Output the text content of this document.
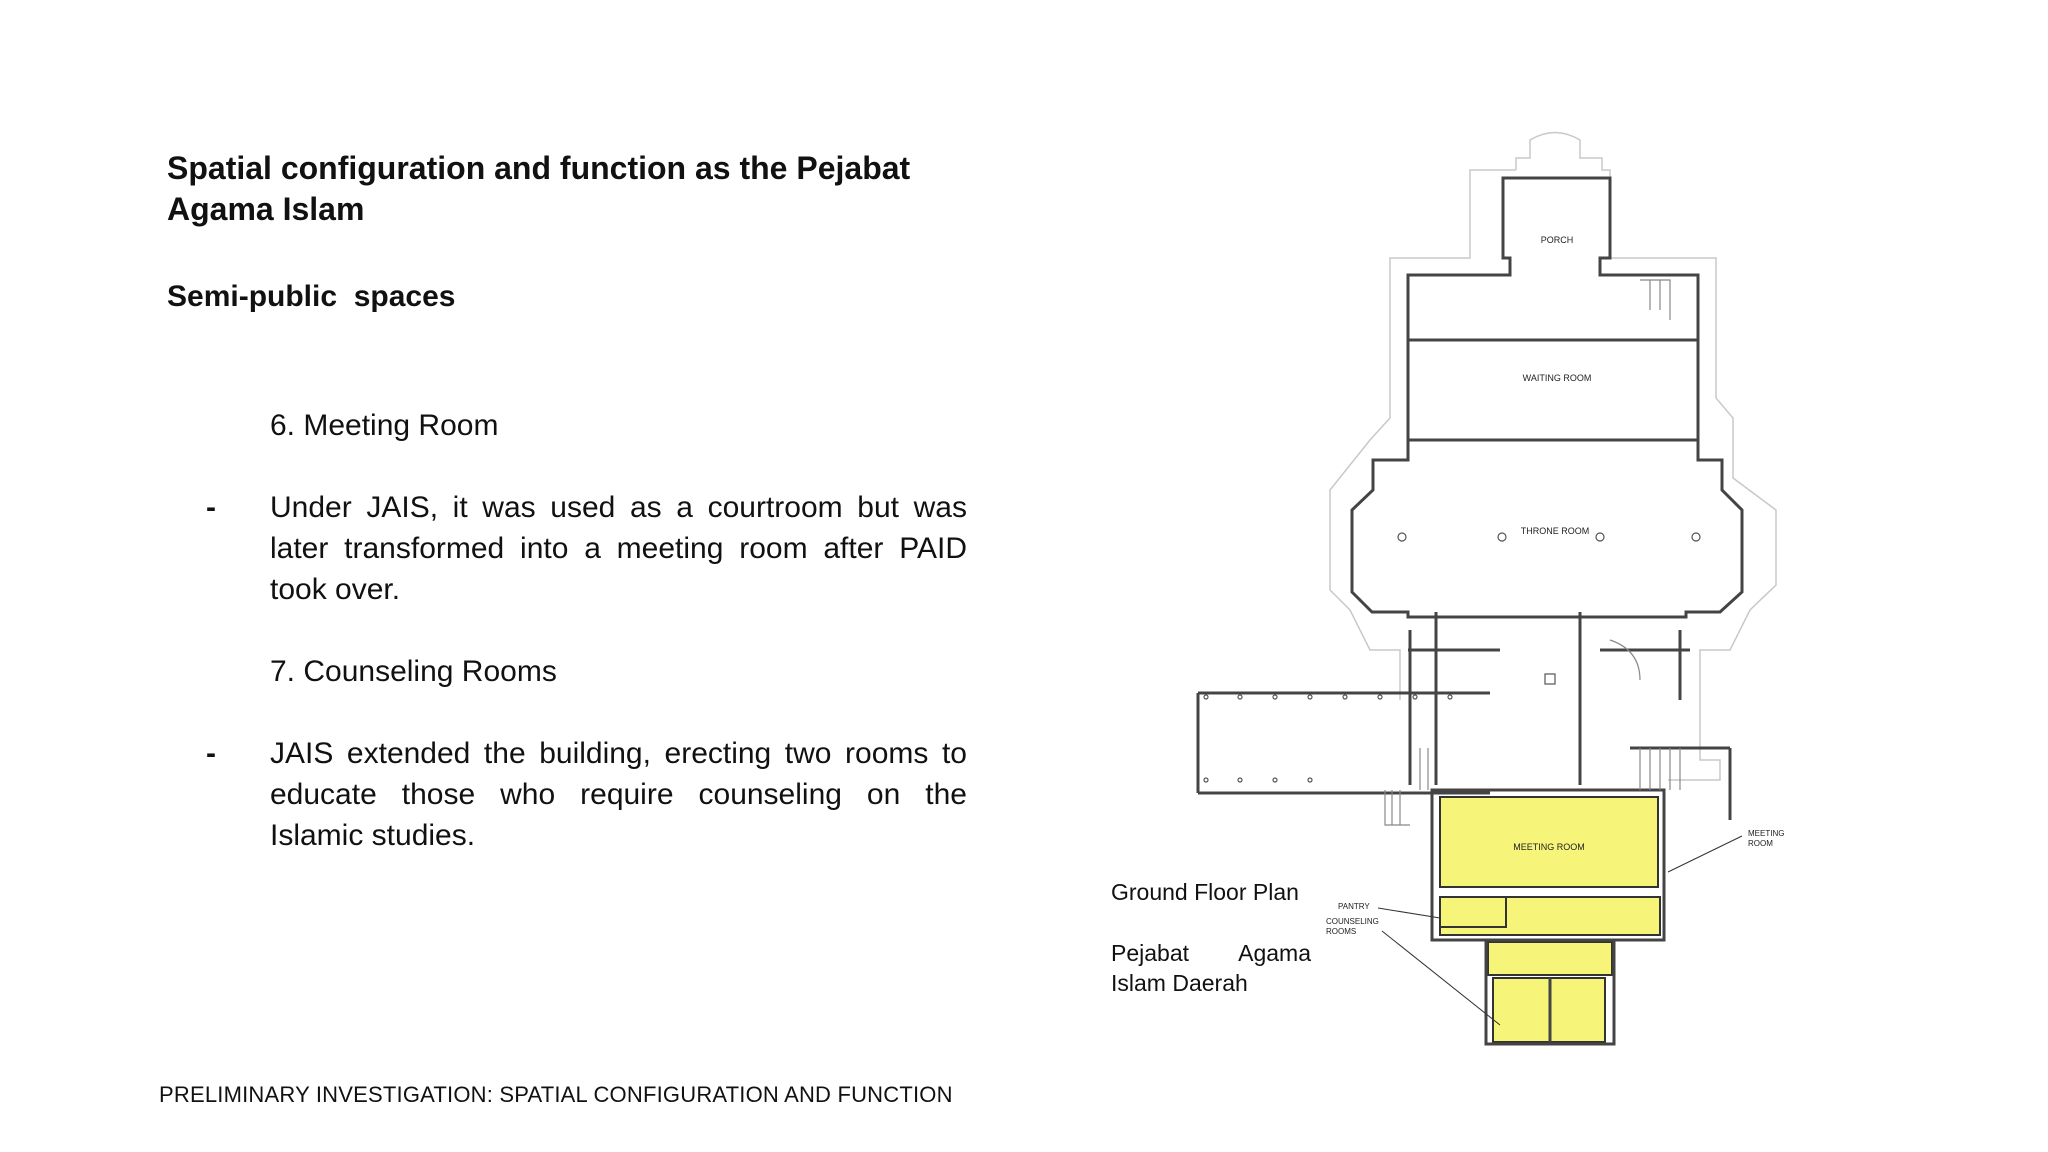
Spatial configuration and function as the Pejabat Agama Islam
Semi-public  spaces
6. Meeting Room
- Under JAIS, it was used as a courtroom but was later transformed into a meeting room after PAID took over.

7. Counseling Rooms
- JAIS extended the building, erecting two rooms to educate those who require counseling on the Islamic studies.

Ground Floor Plan
Pejabat Agama
Islam Daerah
PORCH
WAITING ROOM
THRONE ROOM
MEETING ROOM
MEETING
ROOM
PANTRY
COUNSELING
ROOMS
PRELIMINARY INVESTIGATION: SPATIAL CONFIGURATION AND FUNCTION
